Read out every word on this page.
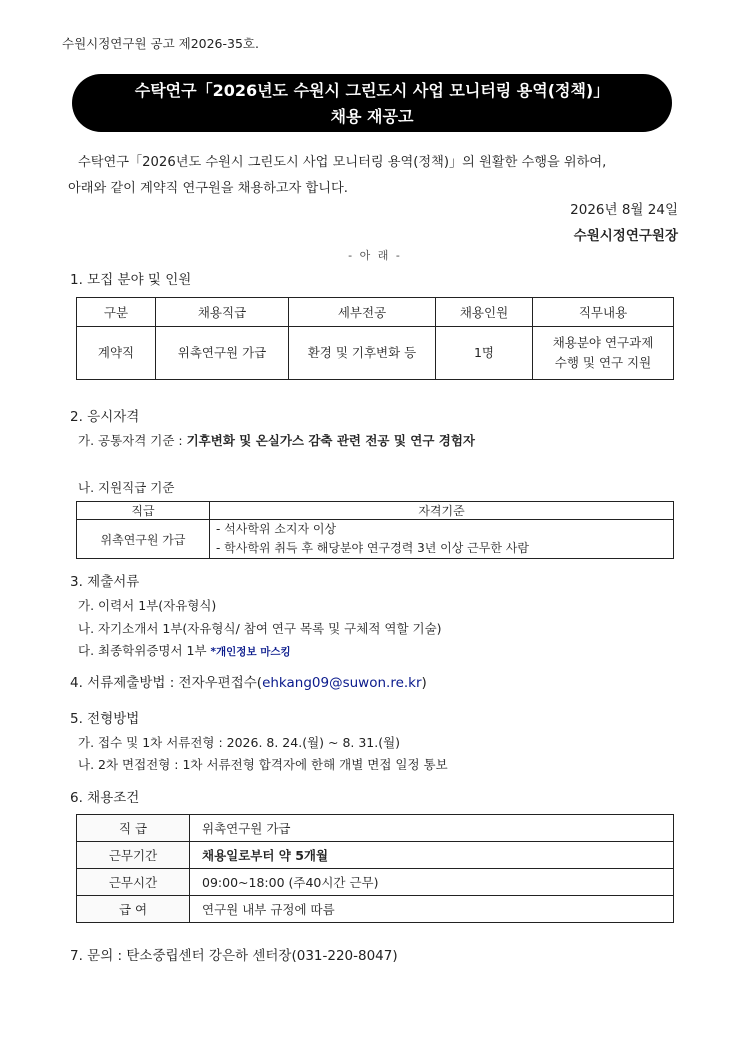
수원시정연구원 공고 제2026-35호.
수탁연구「2026년도 수원시 그린도시 사업 모니터링 용역(정책)」
채용 재공고

수탁연구「2026년도 수원시 그린도시 사업 모니터링 용역(정책)」의 원활한 수행을 위하여,

아래와 같이 계약직 연구원을 채용하고자 합니다.

2026년 8월 24일
수원시정연구원장
- 아 래 -
1. 모집 분야 및 인원
구분	채용직급	세부전공	채용인원	직무내용
계약직	위촉연구원 가급	환경 및 기후변화 등	1명	채용분야 연구과제
수행 및 연구 지원
2. 응시자격
가. 공통자격 기준 : 기후변화 및 온실가스 감축 관련 전공 및 연구 경험자
나. 지원직급 기준
직급	자격기준
위촉연구원 가급	- 석사학위 소지자 이상
- 학사학위 취득 후 해당분야 연구경력 3년 이상 근무한 사람
3. 제출서류
가. 이력서 1부(자유형식)
나. 자기소개서 1부(자유형식/ 참여 연구 목록 및 구체적 역할 기술)
다. 최종학위증명서 1부 *개인정보 마스킹
4. 서류제출방법 : 전자우편접수(ehkang09@suwon.re.kr)
5. 전형방법
가. 접수 및 1차 서류전형 : 2026. 8. 24.(월) ~ 8. 31.(월)
나. 2차 면접전형 : 1차 서류전형 합격자에 한해 개별 면접 일정 통보
6. 채용조건
직 급	위촉연구원 가급
근무기간	채용일로부터 약 5개월
근무시간	09:00~18:00 (주40시간 근무)
급 여	연구원 내부 규정에 따름
7. 문의 : 탄소중립센터 강은하 센터장(031-220-8047)
